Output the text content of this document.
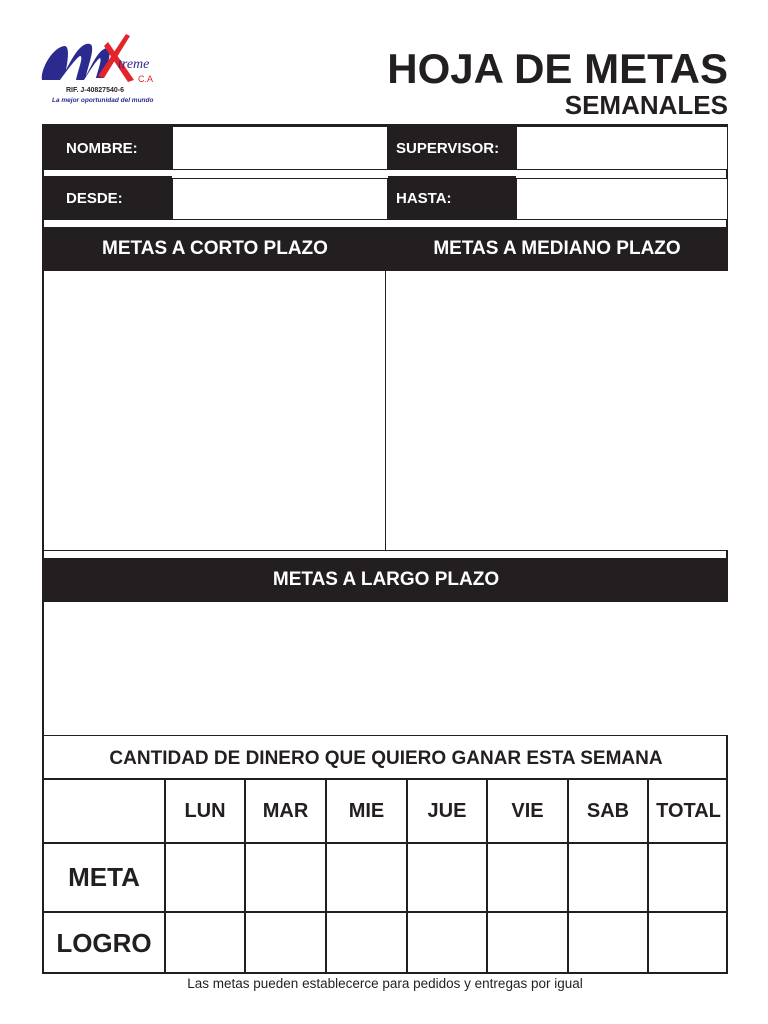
treme
C.A
RIF. J-40827540-6
La mejor oportunidad del mundo
HOJA DE METAS
SEMANALES
NOMBRE:	SUPERVISOR:
DESDE:	HASTA:
METAS A CORTO PLAZO	METAS A MEDIANO PLAZO
METAS A LARGO PLAZO
CANTIDAD DE DINERO QUE QUIERO GANAR ESTA SEMANA
LUN	MAR	MIE	JUE	VIE	SAB	TOTAL
META
LOGRO
Las metas pueden establecerce para pedidos y entregas por igual
